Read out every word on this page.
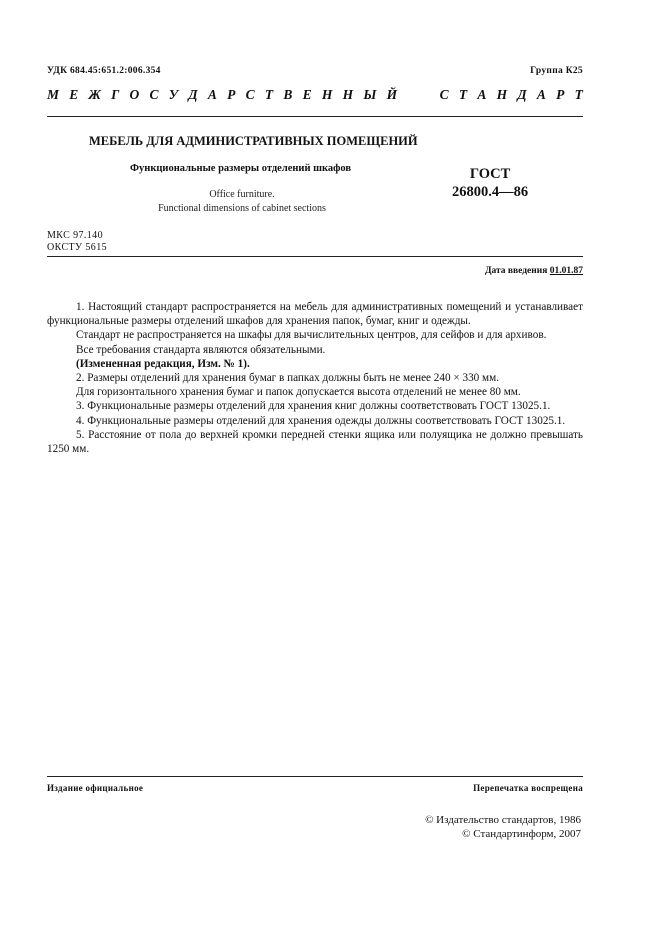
УДК 684.45:651.2:006.354	Группа К25
М Е Ж Г О С У Д А Р С Т В Е Н Н Ы Й	С Т А Н Д А Р Т
МЕБЕЛЬ ДЛЯ АДМИНИСТРАТИВНЫХ ПОМЕЩЕНИЙ
Функциональные размеры отделений шкафов	ГОСТ
26800.4—86
Office furniture.
Functional dimensions of cabinet sections
МКС 97.140
ОКСТУ 5615
Дата введения 01.01.87

1. Настоящий стандарт распространяется на мебель для административных помещений и устанавливает функциональные размеры отделений шкафов для хранения папок, бумаг, книг и одежды.

Стандарт не распространяется на шкафы для вычислительных центров, для сейфов и для архивов.

Все требования стандарта являются обязательными.

(Измененная редакция, Изм. № 1).

2. Размеры отделений для хранения бумаг в папках должны быть не менее 240 × 330 мм.

Для горизонтального хранения бумаг и папок допускается высота отделений не менее 80 мм.

3. Функциональные размеры отделений для хранения книг должны соответствовать ГОСТ 13025.1.

4. Функциональные размеры отделений для хранения одежды должны соответствовать ГОСТ 13025.1.

5. Расстояние от пола до верхней кромки передней стенки ящика или полуящика не должно превышать 1250 мм.

Издание официальное	Перепечатка воспрещена
© Издательство стандартов, 1986
© Стандартинформ, 2007
